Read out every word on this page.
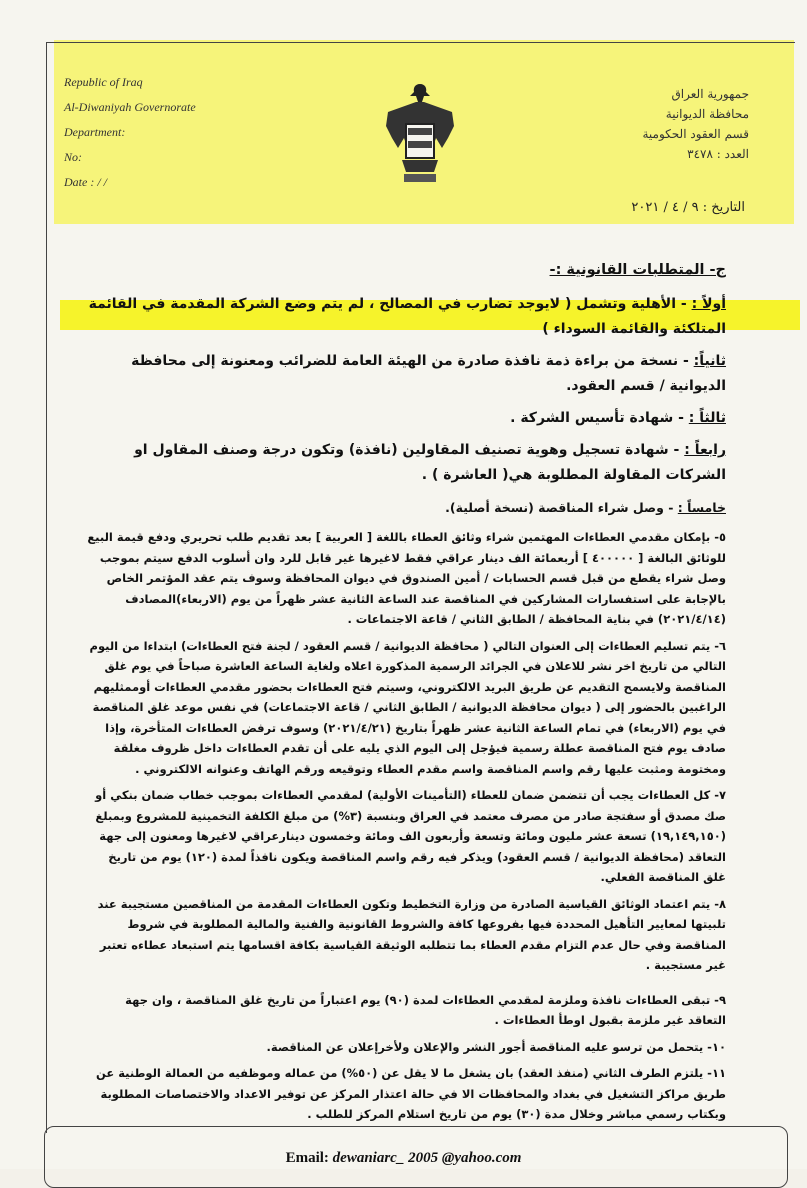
Republic of Iraq
Al-Diwaniyah Governorate
Department:
No:
Date : / /
جمهورية العراق
محافظة الديوانية
قسم العقود الحكومية
العدد : ٣٤٧٨
التاريخ : ٩ / ٤ / ٢٠٢١

ج- المتطلبات القانونية :-

أولاً : - الأهلية وتشمل ( لايوجد تضارب في المصالح ، لم يتم وضع الشركة المقدمة في القائمة المتلكئة والقائمة السوداء )

ثانياً: - نسخة من براءة ذمة نافذة صادرة من الهيئة العامة للضرائب ومعنونة إلى محافظة الديوانية / قسم العقود.

ثالثاً : - شهادة تأسيس الشركة .

رابعاً : - شهادة تسجيل وهوية تصنيف المقاولين (نافذة) وتكون درجة وصنف المقاول او الشركات المقاولة المطلوبة هي( العاشرة ) .

خامساً : - وصل شراء المناقصة (نسخة أصلية).

٥- بإمكان مقدمي العطاءات المهتمين شراء وثائق العطاء باللغة [ العربية ] بعد تقديم طلب تحريري ودفع قيمة البيع للوثائق البالغة [ ٤٠٠٠٠٠ ] أربعمائة الف دينار عراقي فقط لاغيرها غير قابل للرد وان أسلوب الدفع سيتم بموجب وصل شراء يقطع من قبل قسم الحسابات / أمين الصندوق في ديوان المحافظة وسوف يتم عقد المؤتمر الخاص بالإجابة على استفسارات المشاركين في المناقصة عند الساعة الثانية عشر ظهراً من يوم (الاربعاء)المصادف (٢٠٢١/٤/١٤) في بناية المحافظة / الطابق الثاني / قاعة الاجتماعات .

٦- يتم تسليم العطاءات إلى العنوان التالي ( محافظة الديوانية / قسم العقود / لجنة فتح العطاءات) ابتداءا من اليوم التالي من تاريخ اخر نشر للاعلان في الجرائد الرسمية المذكورة اعلاه ولغاية الساعة العاشرة صباحاً في يوم غلق المناقصة ولايسمح التقديم عن طريق البريد الالكتروني، وسيتم فتح العطاءات بحضور مقدمي العطاءات أوممثليهم الراغبين بالحضور إلى ( ديوان محافظة الديوانية / الطابق الثاني / قاعة الاجتماعات) في نفس موعد غلق المناقصة في يوم (الاربعاء) في تمام الساعة الثانية عشر ظهراً بتاريخ (٢٠٢١/٤/٢١) وسوف ترفض العطاءات المتأخرة، وإذا صادف يوم فتح المناقصة عطلة رسمية فيؤجل إلى اليوم الذي يليه على أن تقدم العطاءات داخل ظروف مغلقة ومختومة ومثبت عليها رقم واسم المناقصة واسم مقدم العطاء وتوقيعه ورقم الهاتف وعنوانه الالكتروني .

٧- كل العطاءات يجب أن تتضمن ضمان للعطاء (التأمينات الأولية) لمقدمي العطاءات بموجب خطاب ضمان بنكي أو صك مصدق أو سفتجة صادر من مصرف معتمد في العراق وبنسبة (٣%) من مبلغ الكلفة التخمينية للمشروع وبمبلغ (١٩,١٤٩,١٥٠) تسعة عشر مليون ومائة وتسعة وأربعون الف ومائة وخمسون دينارعراقي لاغيرها ومعنون إلى جهة التعاقد (محافظة الديوانية / قسم العقود) ويذكر فيه رقم واسم المناقصة ويكون نافذاً لمدة (١٢٠) يوم من تاريخ غلق المناقصة الفعلي.

٨- يتم اعتماد الوثائق القياسية الصادرة من وزارة التخطيط وتكون العطاءات المقدمة من المناقصين مستجيبة عند تلبيتها لمعايير التأهيل المحددة فيها بفروعها كافة والشروط القانونية والفنية والمالية المطلوبة في شروط المناقصة وفي حال عدم التزام مقدم العطاء بما تتطلبه الوثيقة القياسية بكافة اقسامها يتم استبعاد عطاءه تعتبر غير مستجيبة .

٩- تبقى العطاءات نافذة وملزمة لمقدمي العطاءات لمدة (٩٠) يوم اعتباراً من تاريخ غلق المناقصة ، وان جهة التعاقد غير ملزمة بقبول اوطأ العطاءات .

١٠- يتحمل من ترسو عليه المناقصة أجور النشر والإعلان ولأخرإعلان عن المناقصة.

١١- يلتزم الطرف الثاني (منفذ العقد) بان يشغل ما لا يقل عن (٥٠%) من عماله وموظفيه من العمالة الوطنية عن طريق مراكز التشغيل في بغداد والمحافظات الا في حالة اعتذار المركز عن توفير الاعداد والاختصاصات المطلوبة وبكتاب رسمي مباشر وخلال مدة (٣٠) يوم من تاريخ استلام المركز للطلب .

Email: dewaniarc_ 2005 @yahoo.com
